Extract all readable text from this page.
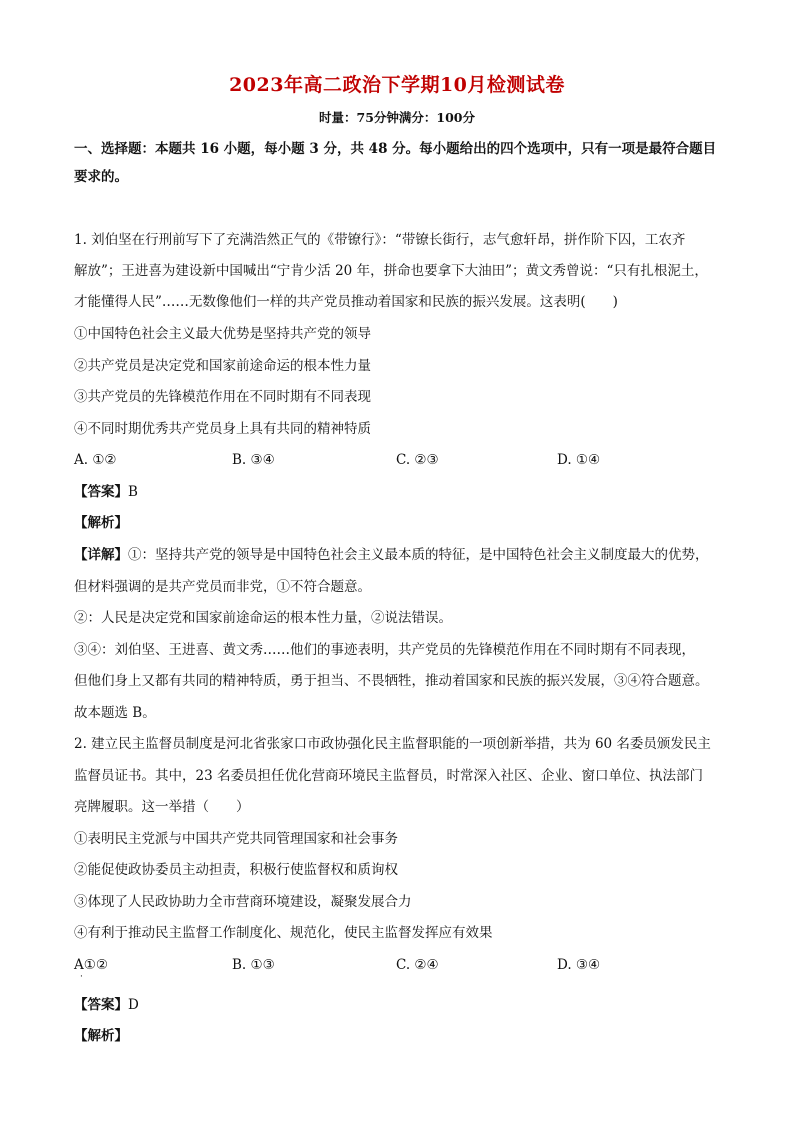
2023年高二政治下学期10月检测试卷
时量：75分钟满分：100分
一、选择题：本题共 16 小题，每小题 3 分，共 48 分。每小题给出的四个选项中，只有一项是最符合题目
要求的。
1. 刘伯坚在行刑前写下了充满浩然正气的《带镣行》：“带镣长街行，志气愈轩昂，拼作阶下囚，工农齐
解放”；王进喜为建设新中国喊出“宁肯少活 20 年，拼命也要拿下大油田”；黄文秀曾说：“只有扎根泥土，
才能懂得人民”……无数像他们一样的共产党员推动着国家和民族的振兴发展。这表明(　　)
①中国特色社会主义最大优势是坚持共产党的领导
②共产党员是决定党和国家前途命运的根本性力量
③共产党员的先锋模范作用在不同时期有不同表现
④不同时期优秀共产党员身上具有共同的精神特质
A. ①②	B. ③④	C. ②③	D. ①④
【答案】B
【解析】
【详解】①：坚持共产党的领导是中国特色社会主义最本质的特征，是中国特色社会主义制度最大的优势，
但材料强调的是共产党员而非党，①不符合题意。
②：人民是决定党和国家前途命运的根本性力量，②说法错误。
③④：刘伯坚、王进喜、黄文秀……他们的事迹表明，共产党员的先锋模范作用在不同时期有不同表现，
但他们身上又都有共同的精神特质，勇于担当、不畏牺牲，推动着国家和民族的振兴发展，③④符合题意。
故本题选 B。
2. 建立民主监督员制度是河北省张家口市政协强化民主监督职能的一项创新举措，共为 60 名委员颁发民主
监督员证书。其中，23 名委员担任优化营商环境民主监督员，时常深入社区、企业、窗口单位、执法部门
亮牌履职。这一举措（　　）
①表明民主党派与中国共产党共同管理国家和社会事务
②能促使政协委员主动担责，积极行使监督权和质询权
③体现了人民政协助力全市营商环境建设，凝聚发展合力
④有利于推动民主监督工作制度化、规范化，使民主监督发挥应有效果
A①②	B. ①③	C. ②④	D. ③④
·
【答案】D
【解析】
